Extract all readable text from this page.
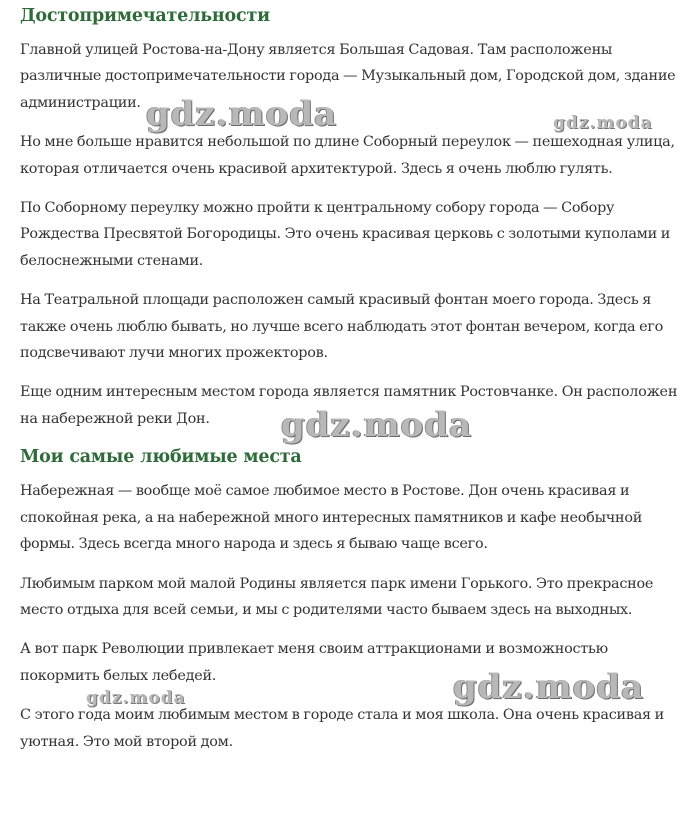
Достопримечательности

Главной улицей Ростова-на-Дону является Большая Садовая. Там расположены различные достопримечательности города — Музыкальный дом, Городской дом, здание администрации.

Но мне больше нравится небольшой по длине Соборный переулок — пешеходная улица, которая отличается очень красивой архитектурой. Здесь я очень люблю гулять.

По Соборному переулку можно пройти к центральному собору города — Собору Рождества Пресвятой Богородицы. Это очень красивая церковь с золотыми куполами и белоснежными стенами.

На Театральной площади расположен самый красивый фонтан моего города. Здесь я также очень люблю бывать, но лучше всего наблюдать этот фонтан вечером, когда его подсвечивают лучи многих прожекторов.

Еще одним интересным местом города является памятник Ростовчанке. Он расположен на набережной реки Дон.

Мои самые любимые места

Набережная — вообще моё самое любимое место в Ростове. Дон очень красивая и спокойная река, а на набережной много интересных памятников и кафе необычной формы. Здесь всегда много народа и здесь я бываю чаще всего.

Любимым парком мой малой Родины является парк имени Горького. Это прекрасное место отдыха для всей семьи, и мы с родителями часто бываем здесь на выходных.

А вот парк Революции привлекает меня своим аттракционами и возможностью покормить белых лебедей.

С этого года моим любимым местом в городе стала и моя школа. Она очень красивая и уютная. Это мой второй дом.

gdz.moda	gdz.moda
gdz.moda
gdz.moda
gdz.moda
